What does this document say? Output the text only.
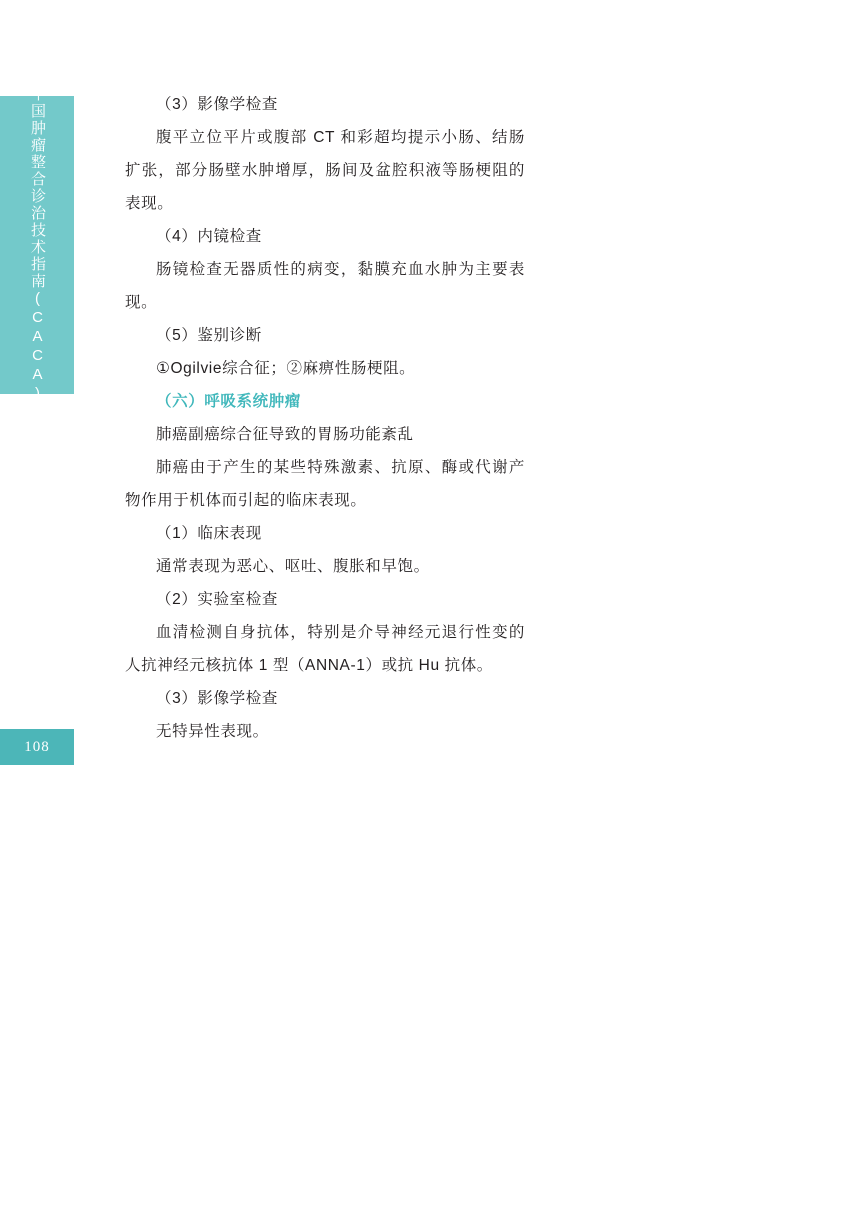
中国肿瘤整合诊治技术指南(CACA)
108

（3）影像学检查

腹平立位平片或腹部 CT 和彩超均提示小肠、结肠扩张，部分肠壁水肿增厚，肠间及盆腔积液等肠梗阻的表现。

（4）内镜检查

肠镜检查无器质性的病变，黏膜充血水肿为主要表现。

（5）鉴别诊断

①Ogilvie综合征；②麻痹性肠梗阻。

（六）呼吸系统肿瘤

肺癌副癌综合征导致的胃肠功能紊乱

肺癌由于产生的某些特殊激素、抗原、酶或代谢产物作用于机体而引起的临床表现。

（1）临床表现

通常表现为恶心、呕吐、腹胀和早饱。

（2）实验室检查

血清检测自身抗体，特别是介导神经元退行性变的人抗神经元核抗体 1 型（ANNA-1）或抗 Hu 抗体。

（3）影像学检查

无特异性表现。
